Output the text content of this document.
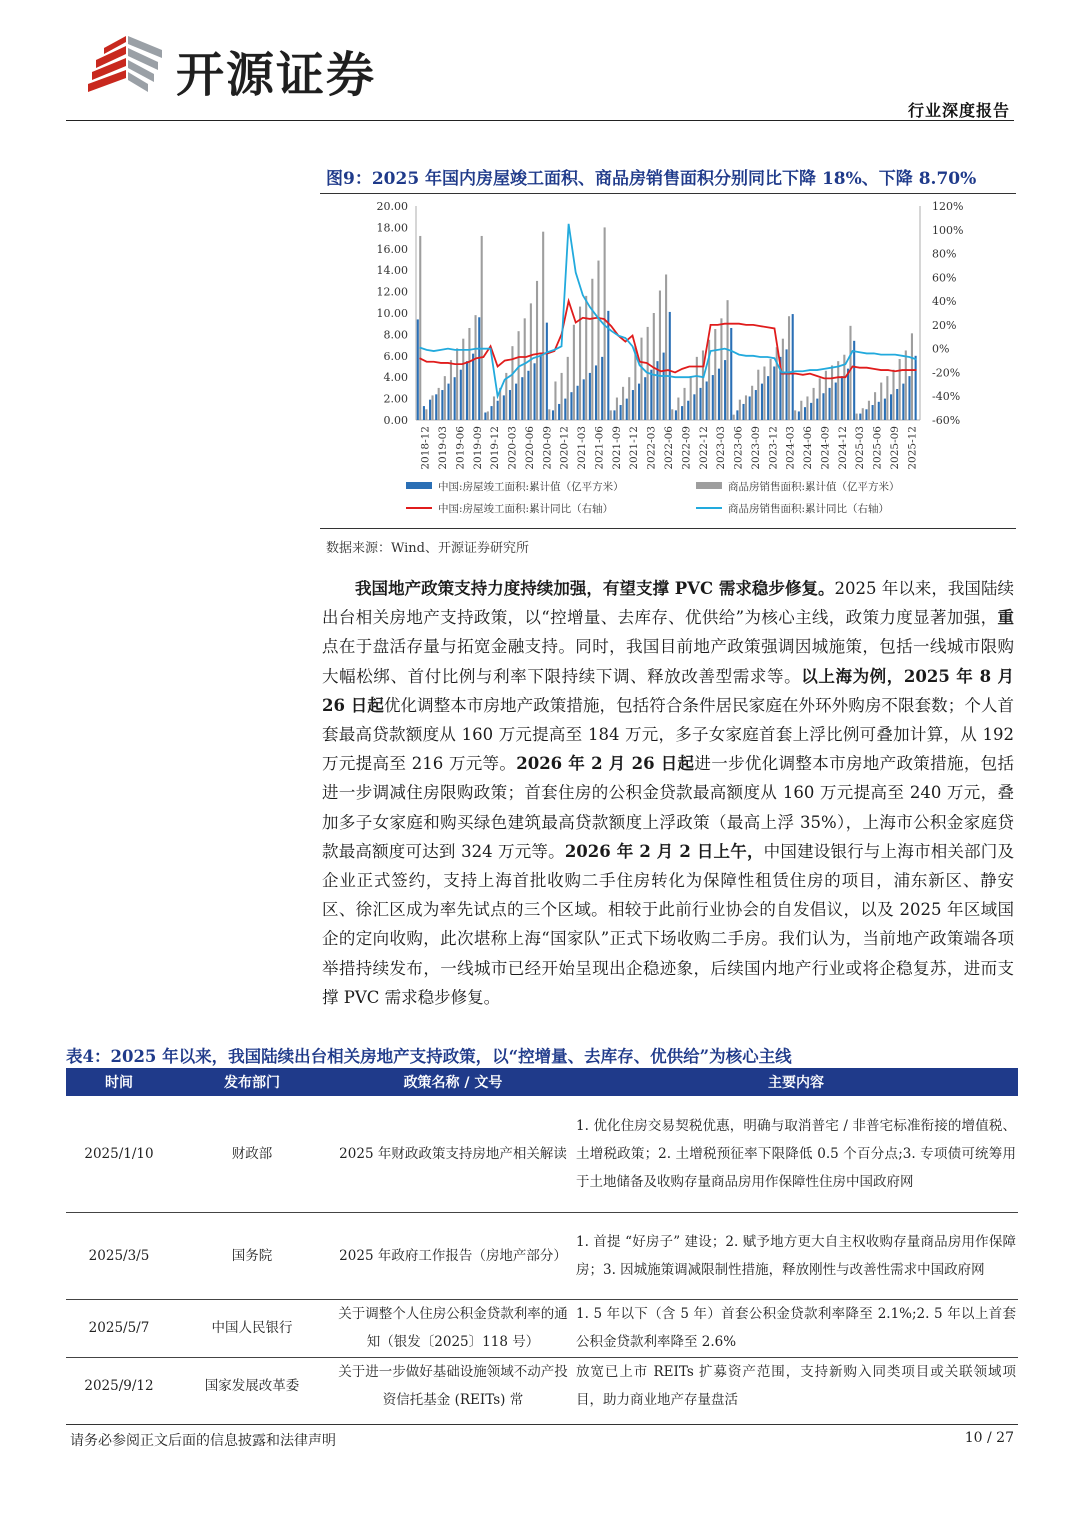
开源证券
行业深度报告
图9：2025 年国内房屋竣工面积、商品房销售面积分别同比下降 18%、下降 8.70%
20.00
18.00
16.00
14.00
12.00
10.00
8.00
6.00
4.00
2.00
0.00
120%
100%
80%
60%
40%
20%
0%
-20%
-40%
-60%
2018-12 2019-03 2019-06 2019-09 2019-12 2020-03 2020-06 2020-09 2020-12 2021-03 2021-06 2021-09 2021-12 2022-03 2022-06 2022-09 2022-12 2023-03 2023-06 2023-09 2023-12 2024-03 2024-06 2024-09 2024-12 2025-03 2025-06 2025-09 2025-12
中国:房屋竣工面积:累计值（亿平方米）	商品房销售面积:累计值（亿平方米）
中国:房屋竣工面积:累计同比（右轴）	商品房销售面积:累计同比（右轴）
数据来源：Wind、开源证券研究所
我国地产政策支持力度持续加强，有望支撑 PVC 需求稳步修复。2025 年以来，我国陆续出台相关房地产支持政策，以“控增量、去库存、优供给”为核心主线，政策力度显著加强，重点在于盘活存量与拓宽金融支持。同时，我国目前地产政策强调因城施策，包括一线城市限购大幅松绑、首付比例与利率下限持续下调、释放改善型需求等。以上海为例，2025 年 8 月 26 日起优化调整本市房地产政策措施，包括符合条件居民家庭在外环外购房不限套数；个人首套最高贷款额度从 160 万元提高至 184 万元，多子女家庭首套上浮比例可叠加计算，从 192 万元提高至 216 万元等。2026 年 2 月 26 日起进一步优化调整本市房地产政策措施，包括进一步调减住房限购政策；首套住房的公积金贷款最高额度从 160 万元提高至 240 万元，叠加多子女家庭和购买绿色建筑最高贷款额度上浮政策（最高上浮 35%），上海市公积金家庭贷款最高额度可达到 324 万元等。2026 年 2 月 2 日上午，中国建设银行与上海市相关部门及企业正式签约，支持上海首批收购二手住房转化为保障性租赁住房的项目，浦东新区、静安区、徐汇区成为率先试点的三个区域。相较于此前行业协会的自发倡议，以及 2025 年区域国企的定向收购，此次堪称上海“国家队”正式下场收购二手房。我们认为，当前地产政策端各项举措持续发布，一线城市已经开始呈现出企稳迹象，后续国内地产行业或将企稳复苏，进而支撑 PVC 需求稳步修复。
表4：2025 年以来，我国陆续出台相关房地产支持政策，以“控增量、去库存、优供给”为核心主线
时间	发布部门	政策名称 / 文号	主要内容
2025/1/10	财政部	2025 年财政政策支持房地产相关解读	1. 优化住房交易契税优惠，明确与取消普宅 / 非普宅标准衔接的增值税、土增税政策；2. 土增税预征率下限降低 0.5 个百分点;3. 专项债可统筹用于土地储备及收购存量商品房用作保障性住房中国政府网
2025/3/5	国务院	2025 年政府工作报告（房地产部分）	1. 首提 “好房子” 建设；2. 赋予地方更大自主权收购存量商品房用作保障房；3. 因城施策调减限制性措施，释放刚性与改善性需求中国政府网
2025/5/7	中国人民银行	关于调整个人住房公积金贷款利率的通知（银发〔2025〕118 号）	1. 5 年以下（含 5 年）首套公积金贷款利率降至 2.1%;2. 5 年以上首套公积金贷款利率降至 2.6%
2025/9/12	国家发展改革委	关于进一步做好基础设施领域不动产投资信托基金 (REITs) 常	放宽已上市 REITs 扩募资产范围，支持新购入同类项目或关联领域项目，助力商业地产存量盘活
请务必参阅正文后面的信息披露和法律声明	10 / 27
